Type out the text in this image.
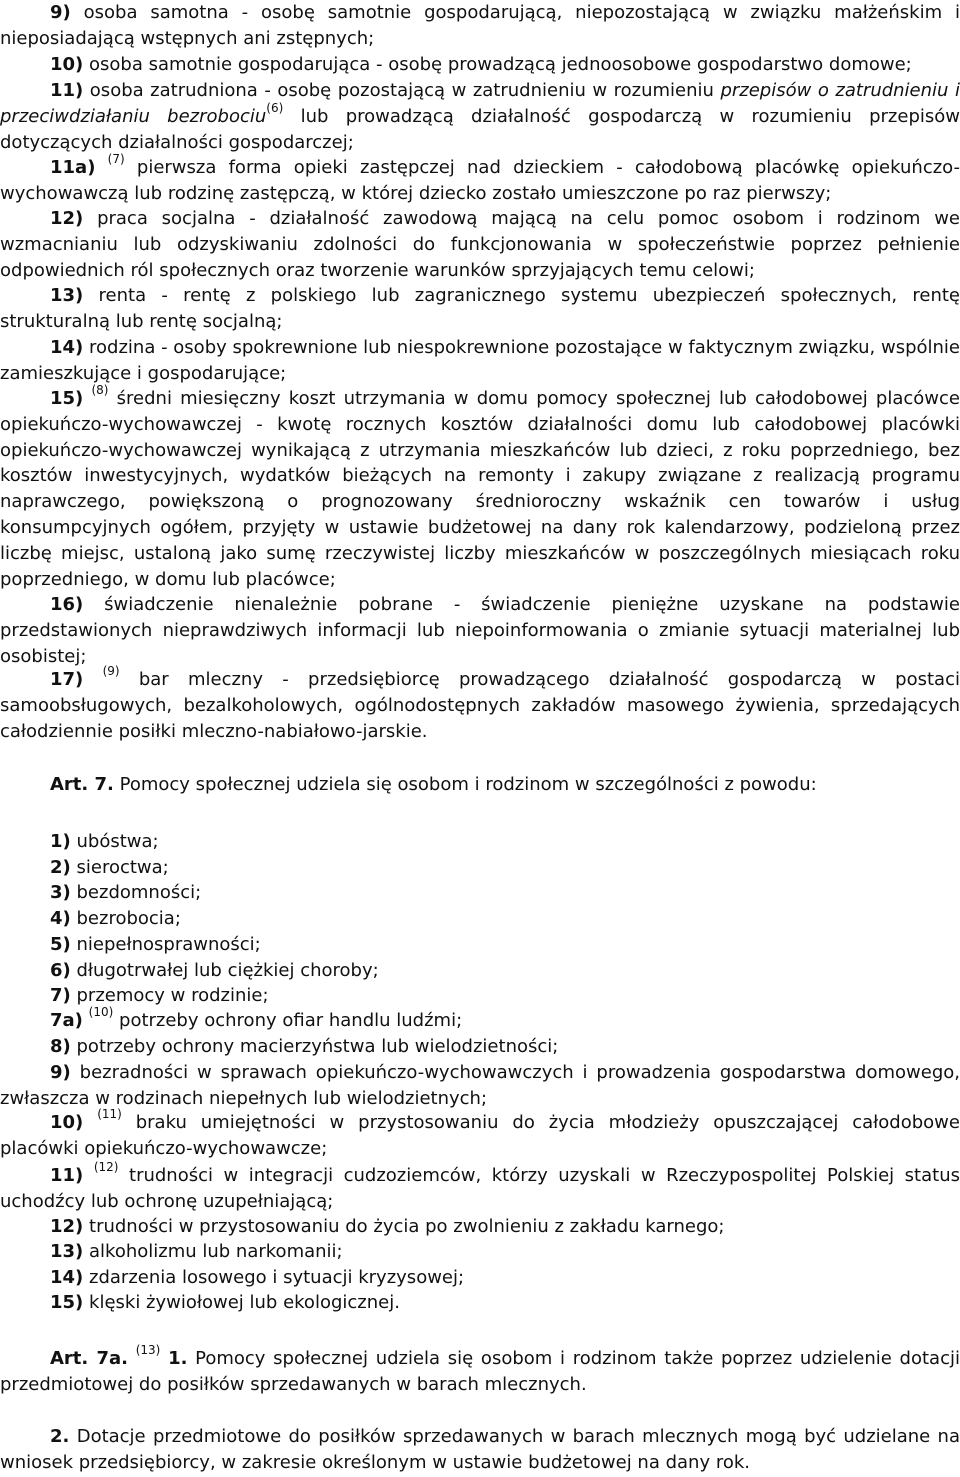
9) osoba samotna - osobę samotnie gospodarującą, niepozostającą w związku małżeńskim i nieposiadającą wstępnych ani zstępnych;

10) osoba samotnie gospodarująca - osobę prowadzącą jednoosobowe gospodarstwo domowe;

11) osoba zatrudniona - osobę pozostającą w zatrudnieniu w rozumieniu przepisów o zatrudnieniu i przeciwdziałaniu bezrobociu$^{(6)}$ lub prowadzącą działalność gospodarczą w rozumieniu przepisów dotyczących działalności gospodarczej;

11a) $^{(7)}$ pierwsza forma opieki zastępczej nad dzieckiem - całodobową placówkę opiekuńczo-wychowawczą lub rodzinę zastępczą, w której dziecko zostało umieszczone po raz pierwszy;

12) praca socjalna - działalność zawodową mającą na celu pomoc osobom i rodzinom we wzmacnianiu lub odzyskiwaniu zdolności do funkcjonowania w społeczeństwie poprzez pełnienie odpowiednich ról społecznych oraz tworzenie warunków sprzyjających temu celowi;

13) renta - rentę z polskiego lub zagranicznego systemu ubezpieczeń społecznych, rentę strukturalną lub rentę socjalną;

14) rodzina - osoby spokrewnione lub niespokrewnione pozostające w faktycznym związku, wspólnie zamieszkujące i gospodarujące;

15) $^{(8)}$ średni miesięczny koszt utrzymania w domu pomocy społecznej lub całodobowej placówce opiekuńczo-wychowawczej - kwotę rocznych kosztów działalności domu lub całodobowej placówki opiekuńczo-wychowawczej wynikającą z utrzymania mieszkańców lub dzieci, z roku poprzedniego, bez kosztów inwestycyjnych, wydatków bieżących na remonty i zakupy związane z realizacją programu naprawczego, powiększoną o prognozowany średnioroczny wskaźnik cen towarów i usług konsumpcyjnych ogółem, przyjęty w ustawie budżetowej na dany rok kalendarzowy, podzieloną przez liczbę miejsc, ustaloną jako sumę rzeczywistej liczby mieszkańców w poszczególnych miesiącach roku poprzedniego, w domu lub placówce;

16) świadczenie nienależnie pobrane - świadczenie pieniężne uzyskane na podstawie przedstawionych nieprawdziwych informacji lub niepoinformowania o zmianie sytuacji materialnej lub osobistej;

17) $^{(9)}$ bar mleczny - przedsiębiorcę prowadzącego działalność gospodarczą w postaci samoobsługowych, bezalkoholowych, ogólnodostępnych zakładów masowego żywienia, sprzedających całodziennie posiłki mleczno-nabiałowo-jarskie.

Art. 7. Pomocy społecznej udziela się osobom i rodzinom w szczególności z powodu:

1) ubóstwa;

2) sieroctwa;

3) bezdomności;

4) bezrobocia;

5) niepełnosprawności;

6) długotrwałej lub ciężkiej choroby;

7) przemocy w rodzinie;

7a) $^{(10)}$ potrzeby ochrony ofiar handlu ludźmi;

8) potrzeby ochrony macierzyństwa lub wielodzietności;

9) bezradności w sprawach opiekuńczo-wychowawczych i prowadzenia gospodarstwa domowego, zwłaszcza w rodzinach niepełnych lub wielodzietnych;

10) $^{(11)}$ braku umiejętności w przystosowaniu do życia młodzieży opuszczającej całodobowe placówki opiekuńczo-wychowawcze;

11) $^{(12)}$ trudności w integracji cudzoziemców, którzy uzyskali w Rzeczypospolitej Polskiej status uchodźcy lub ochronę uzupełniającą;

12) trudności w przystosowaniu do życia po zwolnieniu z zakładu karnego;

13) alkoholizmu lub narkomanii;

14) zdarzenia losowego i sytuacji kryzysowej;

15) klęski żywiołowej lub ekologicznej.

Art. 7a. $^{(13)}$ 1. Pomocy społecznej udziela się osobom i rodzinom także poprzez udzielenie dotacji przedmiotowej do posiłków sprzedawanych w barach mlecznych.

2. Dotacje przedmiotowe do posiłków sprzedawanych w barach mlecznych mogą być udzielane na wniosek przedsiębiorcy, w zakresie określonym w ustawie budżetowej na dany rok.
